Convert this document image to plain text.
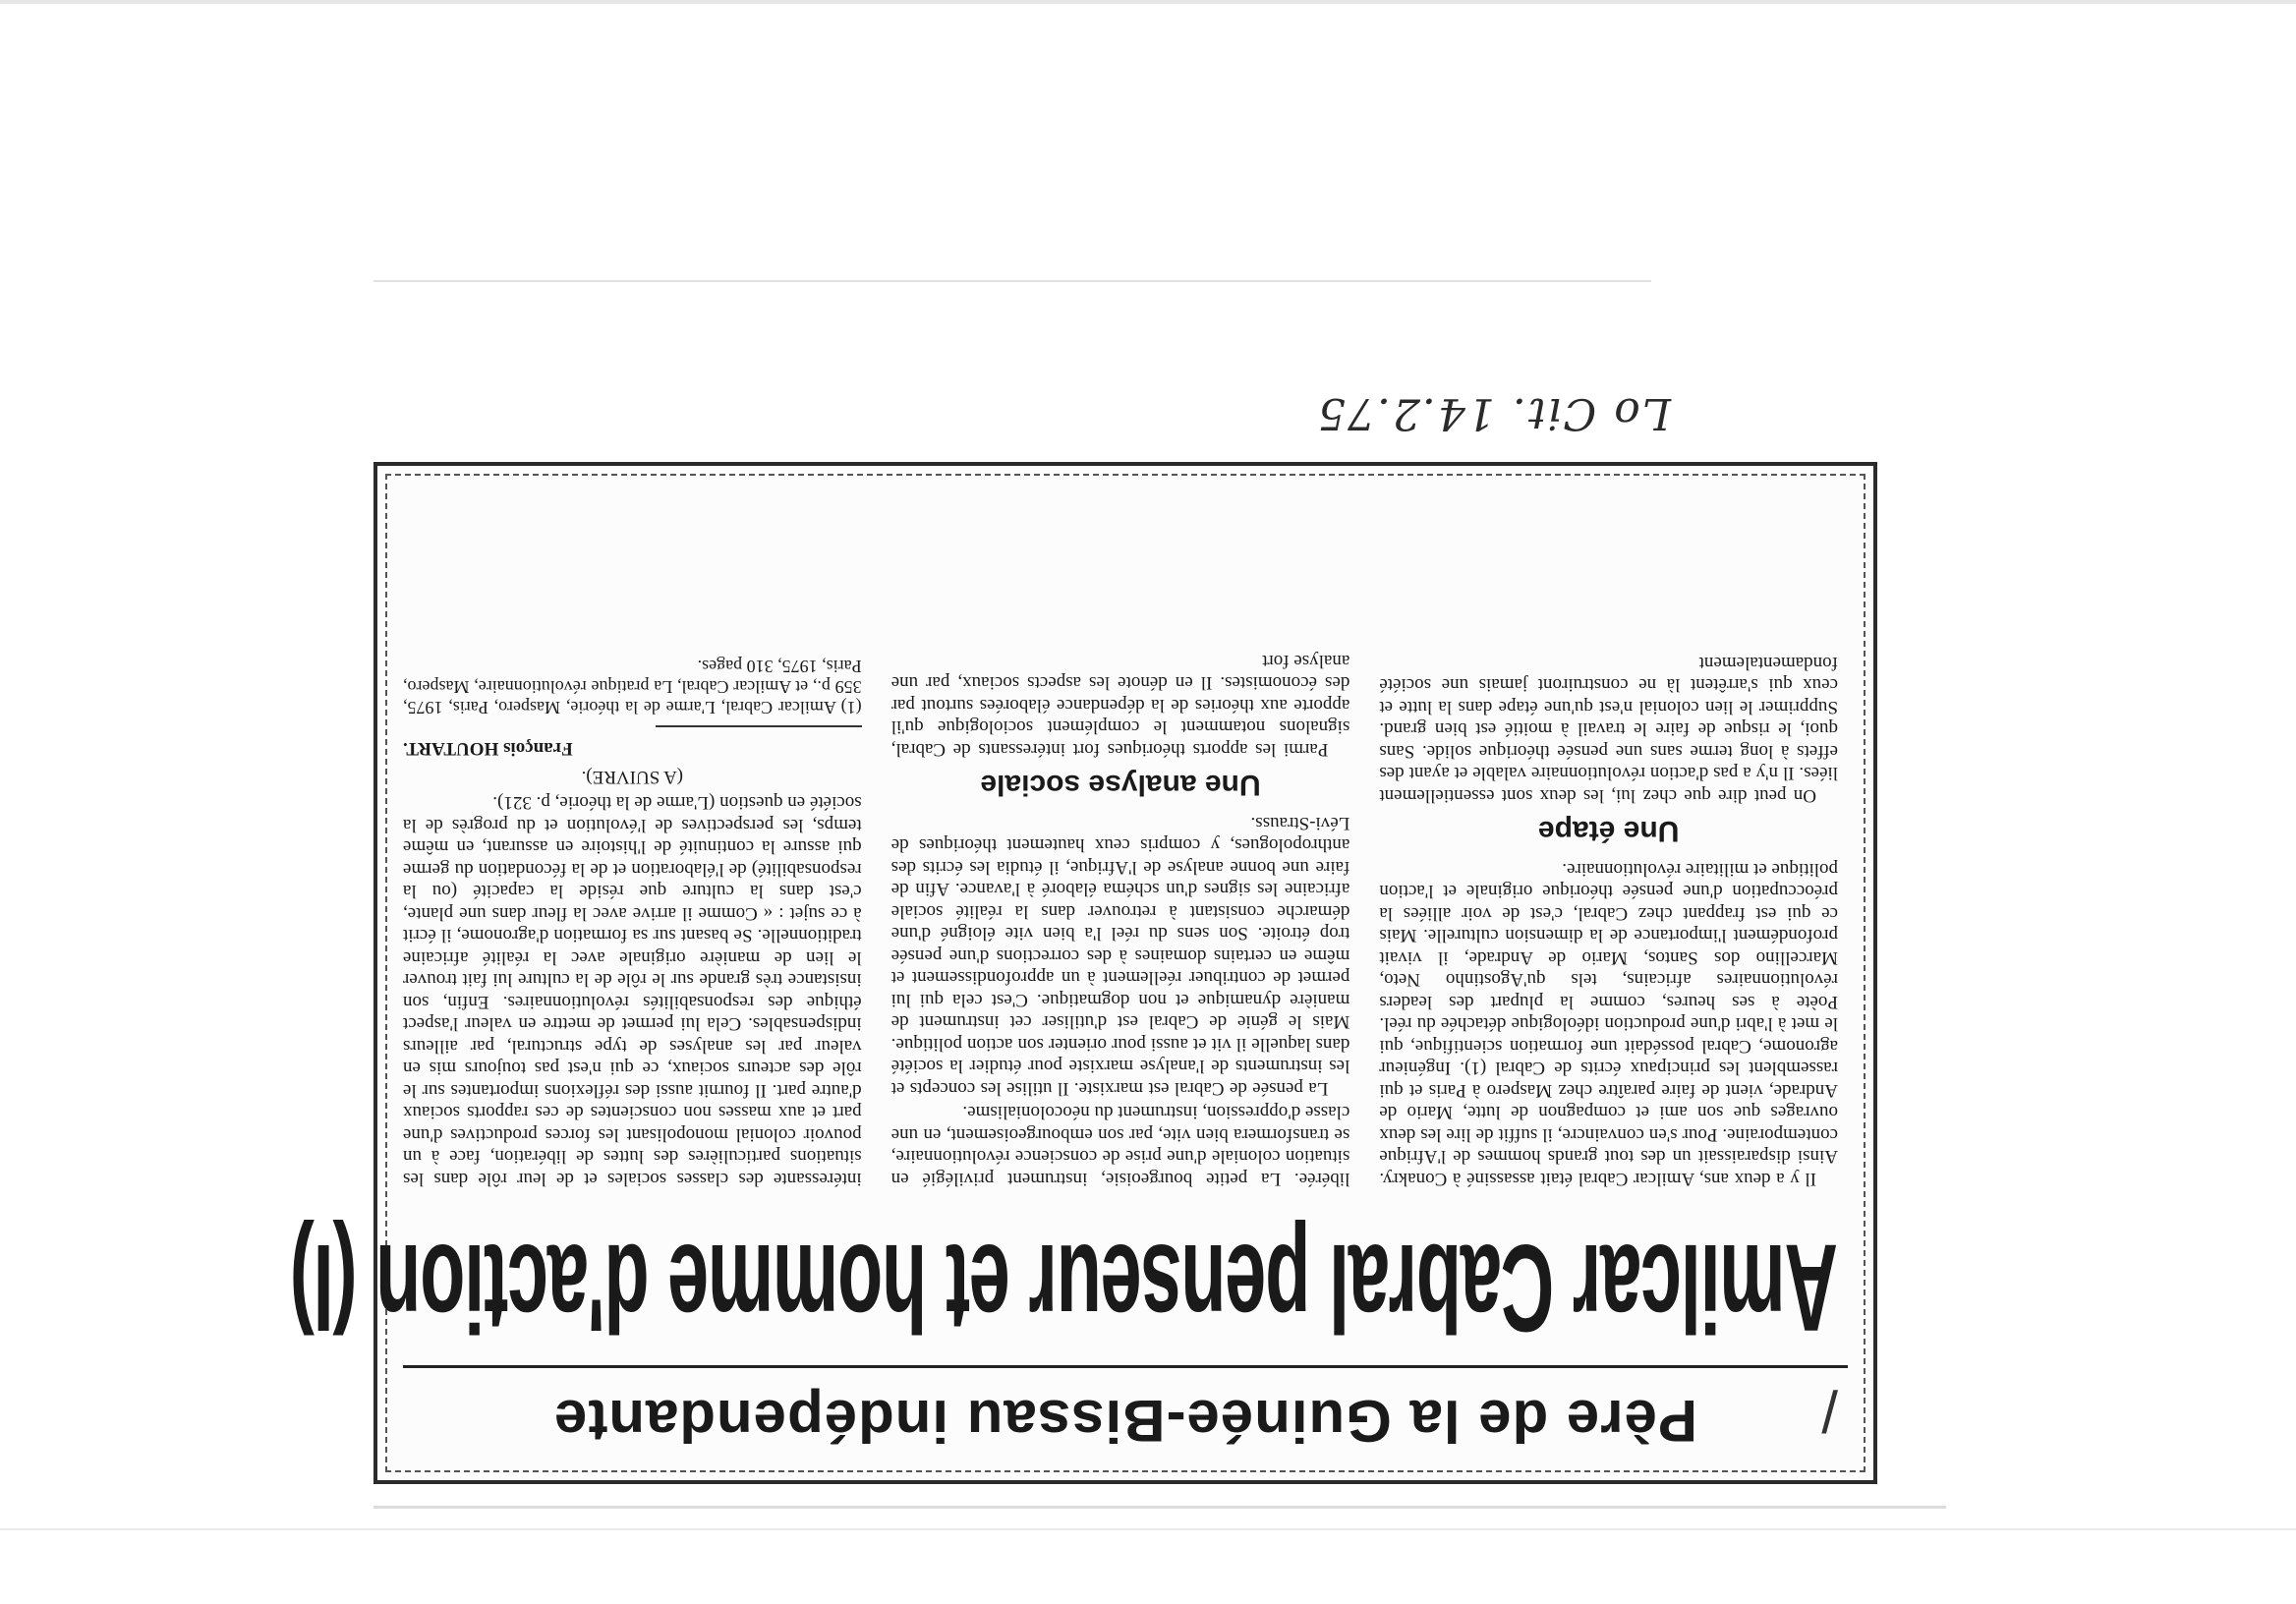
Lo Cit. 14.2.75
/
Père de la Guinée-Bissau indépendante
Amilcar Cabral penseur et homme d'action (I)

Il y a deux ans, Amilcar Cabral était assassiné à Conakry. Ainsi disparaissait un des tout grands hommes de l'Afrique contemporaine. Pour s'en convaincre, il suffit de lire les deux ouvrages que son ami et compagnon de lutte, Mario de Andrade, vient de faire paraître chez Maspero à Paris et qui rassemblent les principaux écrits de Cabral (1). Ingénieur agronome, Cabral possédait une formation scientifique, qui le met à l'abri d'une production idéologique détachée du réel. Poète à ses heures, comme la plupart des leaders révolutionnaires africains, tels qu'Agostinho Neto, Marcellino dos Santos, Mario de Andrade, il vivait profondément l'importance de la dimension culturelle. Mais ce qui est frappant chez Cabral, c'est de voir alliées la préoccupation d'une pensée théorique originale et l'action politique et militaire révolutionnaire.

Une étape

On peut dire que chez lui, les deux sont essentiellement liées. Il n'y a pas d'action révolutionnaire valable et ayant des effets à long terme sans une pensée théorique solide. Sans quoi, le risque de faire le travail à moitié est bien grand. Supprimer le lien colonial n'est qu'une étape dans la lutte et ceux qui s'arrêtent là ne construiront jamais une société fondamentalement

libérée. La petite bourgeoisie, instrument privilégié en situation coloniale d'une prise de conscience révolutionnaire, se transformera bien vite, par son embourgeoisement, en une classe d'oppression, instrument du néocolonialisme.

La pensée de Cabral est marxiste. Il utilise les concepts et les instruments de l'analyse marxiste pour étudier la société dans laquelle il vit et aussi pour orienter son action politique. Mais le génie de Cabral est d'utiliser cet instrument de manière dynamique et non dogmatique. C'est cela qui lui permet de contribuer réellement à un approfondissement et même en certains domaines à des corrections d'une pensée trop étroite. Son sens du réel l'a bien vite éloigné d'une démarche consistant à retrouver dans la réalité sociale africaine les signes d'un schéma élaboré à l'avance. Afin de faire une bonne analyse de l'Afrique, il étudia les écrits des anthropologues, y compris ceux hautement théoriques de Lévi-Strauss.

Une analyse sociale

Parmi les apports théoriques fort intéressants de Cabral, signalons notamment le complément sociologique qu'il apporte aux théories de la dépendance élaborées surtout par des économistes. Il en dénote les aspects sociaux, par une analyse fort

intéressante des classes sociales et de leur rôle dans les situations particulières des luttes de libération, face à un pouvoir colonial monopolisant les forces productives d'une part et aux masses non conscientes de ces rapports sociaux d'autre part. Il fournit aussi des réflexions importantes sur le rôle des acteurs sociaux, ce qui n'est pas toujours mis en valeur par les analyses de type structural, par ailleurs indispensables. Cela lui permet de mettre en valeur l'aspect éthique des responsabilités révolutionnaires. Enfin, son insistance très grande sur le rôle de la culture lui fait trouver le lien de manière originale avec la réalité africaine traditionnelle. Se basant sur sa formation d'agronome, il écrit à ce sujet : « Comme il arrive avec la fleur dans une plante, c'est dans la culture que réside la capacité (ou la responsabilité) de l'élaboration et de la fécondation du germe qui assure la continuité de l'histoire en assurant, en même temps, les perspectives de l'évolution et du progrès de la société en question (L'arme de la théorie, p. 321).

(A SUIVRE).
François HOUTART.
(1) Amilcar Cabral, L'arme de la théorie, Maspero, Paris, 1975, 359 p., et Amilcar Cabral, La pratique révolutionnaire, Maspero, Paris, 1975, 310 pages.
